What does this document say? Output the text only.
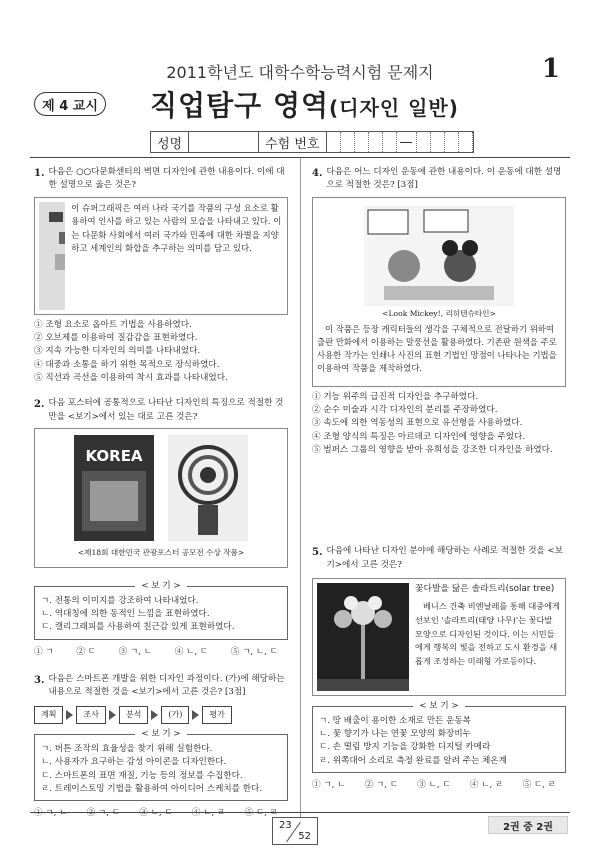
2011학년도 대학수학능력시험 문제지	1
제 4 교시 직업탐구 영역(디자인 일반)
성명	수험 번호	—
1. 다음은 ○○다문화센터의 벽면 디자인에 관한 내용이다. 이에 대한 설명으로 옳은 것은?
이 슈퍼그래픽은 여러 나라 국기를 작품의 구성 요소로 활용하여 인사를 하고 있는 사람의 모습을 나타내고 있다. 이는 다문화 사회에서 여러 국가와 민족에 대한 차별을 지양하고 세계인의 화합을 추구하는 의미를 담고 있다.
① 조형 요소로 옵아트 기법을 사용하였다.
② 오브제를 이용하여 질감감을 표현하였다.
③ 지속 가능한 디자인의 의미를 나타내었다.
④ 대중과 소통을 하기 위한 목적으로 장식하였다.
⑤ 직선과 곡선을 이용하여 착시 효과를 나타내었다.
2. 다음 포스터에 공통적으로 나타난 디자인의 특징으로 적절한 것만을 <보기>에서 있는 대로 고른 것은?
KOREA
<제18회 대한민국 관광포스터 공모전 수상 작품>
< 보 기 >
ㄱ. 전통의 이미지를 강조하여 나타내었다.
ㄴ. 역대칭에 의한 동적인 느낌을 표현하였다.
ㄷ. 캘리그래피를 사용하여 친근감 있게 표현하였다.
① ㄱ	② ㄷ	③ ㄱ, ㄴ	④ ㄴ, ㄷ	⑤ ㄱ, ㄴ, ㄷ
3. 다음은 스마트폰 개발을 위한 디자인 과정이다. (가)에 해당하는 내용으로 적절한 것을 <보기>에서 고른 것은? [3점]
계획	조사	분석	(가)	평가
< 보 기 >
ㄱ. 버튼 조작의 효율성을 찾기 위해 실험한다.
ㄴ. 사용자가 요구하는 감성 아이콘을 디자인한다.
ㄷ. 스마트폰의 표면 재질, 기능 등의 정보를 수집한다.
ㄹ. 트레이스토밍 기법을 활용하여 아이디어 스케치를 한다.
① ㄱ, ㄴ ② ㄱ, ㄷ ③ ㄴ, ㄷ ④ ㄴ, ㄹ ⑤ ㄷ, ㄹ
4. 다음은 어느 디자인 운동에 관한 내용이다. 이 운동에 대한 설명으로 적절한 것은? [3점]
<Look Mickey!, 리히텐슈타인>
이 작품은 등장 캐릭터들의 생각을 구체적으로 전달하기 위하여 출판 만화에서 이용하는 말풍선을 활용하였다. 기존판 원색을 주로 사용한 작가는 인쇄나 사진의 표현 기법인 망점이 나타나는 기법을 이용하여 작품을 제작하였다.
① 기능 위주의 급진적 디자인을 추구하였다.
② 순수 미술과 시각 디자인의 분리를 주장하였다.
③ 속도에 의한 역동성의 표현으로 유선형을 사용하였다.
④ 조형 양식의 특징은 아르데코 디자인에 영향을 주었다.
⑤ 범퍼스 그룹의 영향을 받아 유희성을 강조한 디자인을 하였다.
5. 다음에 나타난 디자인 분야에 해당하는 사례로 적절한 것을 <보기>에서 고른 것은?
꽃다발을 닮은 솔라트리(solar tree)
베니스 건축 비엔날레를 통해 대중에게 선보인 '솔라트리(태양 나무)'는 꽃다발 모양으로 디자인된 것이다. 이는 시민들에게 행복의 빛을 전하고 도시 환경을 새롭게 조성하는 미래형 가로등이다.
< 보 기 >
ㄱ. 땅 배출이 용이한 소재로 만든 운동복
ㄴ. 꽃 향기가 나는 연꽃 모양의 화장비누
ㄷ. 손 떨림 방지 기능을 강화한 디지털 카메라
ㄹ. 위쪽대어 소리로 측정 완료를 알려 주는 체온계
① ㄱ, ㄴ ② ㄱ, ㄷ ③ ㄴ, ㄷ ④ ㄴ, ㄹ ⑤ ㄷ, ㄹ
23
52
2권 중 2권
